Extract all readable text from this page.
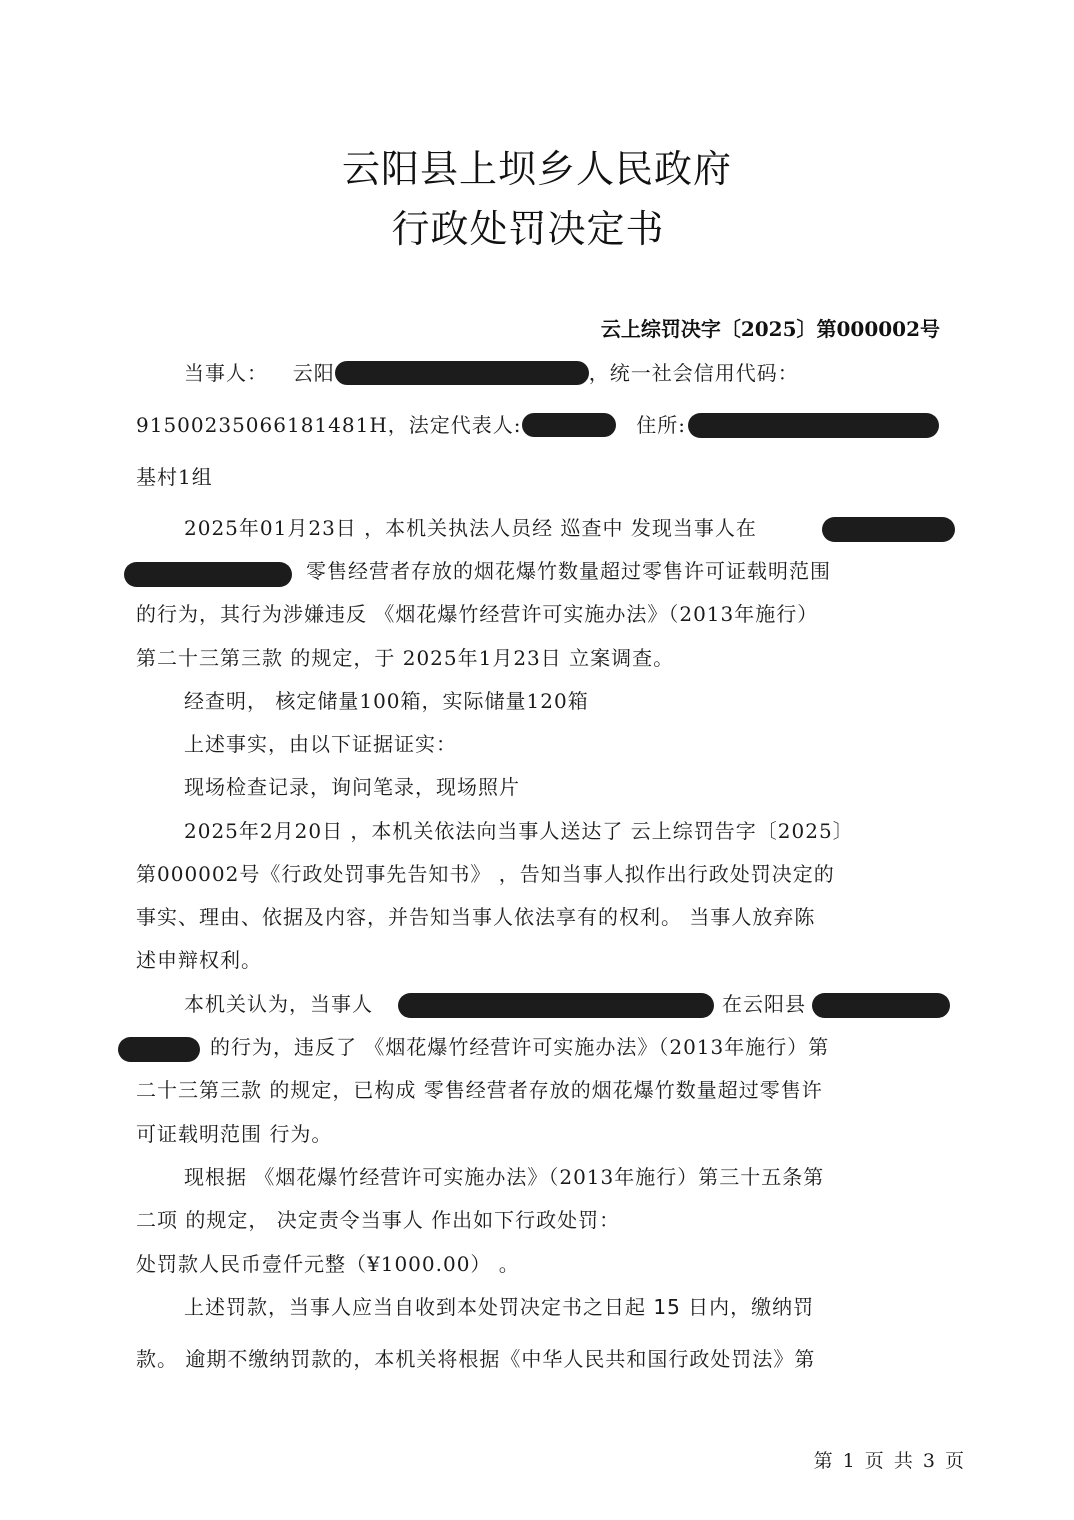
云阳县上坝乡人民政府
行政处罚决定书
云上综罚决字〔2025〕第000002号
当事人： 云阳	，统一社会信用代码：
91500235066181481H，法定代表人:	住所:
基村1组
2025年01月23日 ，本机关执法人员经 巡查中 发现当事人在
零售经营者存放的烟花爆竹数量超过零售许可证载明范围
的行为，其行为涉嫌违反 《烟花爆竹经营许可实施办法》（2013年施行）
第二十三第三款 的规定，于 2025年1月23日 立案调查。
经查明， 核定储量100箱，实际储量120箱
上述事实，由以下证据证实：
现场检查记录，询问笔录，现场照片
2025年2月20日 ，本机关依法向当事人送达了 云上综罚告字〔2025〕
第000002号《行政处罚事先告知书》 ，告知当事人拟作出行政处罚决定的
事实、理由、依据及内容，并告知当事人依法享有的权利。 当事人放弃陈
述申辩权利。
本机关认为，当事人	在云阳县
的行为，违反了 《烟花爆竹经营许可实施办法》（2013年施行）第
二十三第三款 的规定，已构成 零售经营者存放的烟花爆竹数量超过零售许
可证载明范围 行为。
现根据 《烟花爆竹经营许可实施办法》（2013年施行）第三十五条第
二项 的规定， 决定责令当事人 作出如下行政处罚：
处罚款人民币壹仟元整（¥1000.00） 。
上述罚款，当事人应当自收到本处罚决定书之日起 15 日内，缴纳罚
款。 逾期不缴纳罚款的，本机关将根据《中华人民共和国行政处罚法》第
第 1 页 共 3 页
